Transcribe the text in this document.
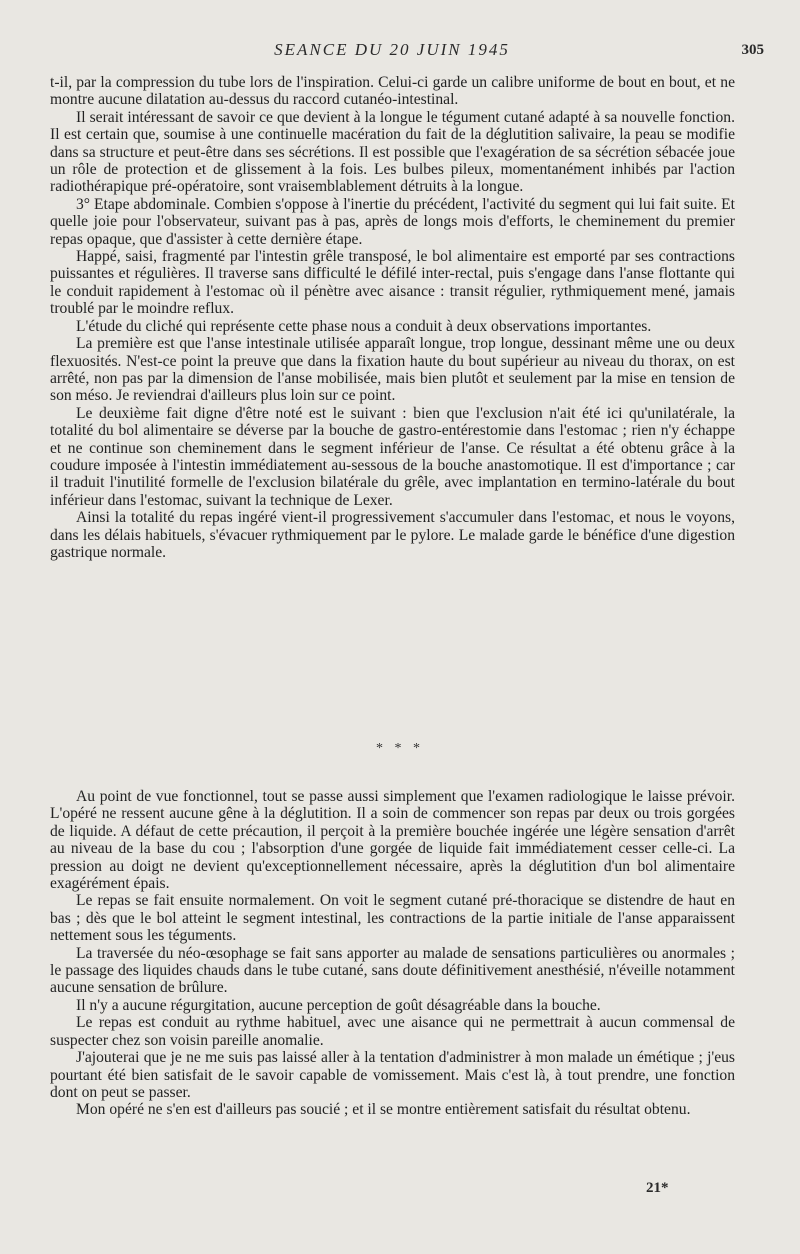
SEANCE DU 20 JUIN 1945	305

t-il, par la compression du tube lors de l'inspiration. Celui-ci garde un calibre uniforme de bout en bout, et ne montre aucune dilatation au-dessus du raccord cutanéo-intestinal.

Il serait intéressant de savoir ce que devient à la longue le tégument cutané adapté à sa nouvelle fonction. Il est certain que, soumise à une continuelle macération du fait de la déglutition salivaire, la peau se modifie dans sa structure et peut-être dans ses sécrétions. Il est possible que l'exagération de sa sécrétion sébacée joue un rôle de protection et de glissement à la fois. Les bulbes pileux, momentanément inhibés par l'action radiothérapique pré-opératoire, sont vraisemblablement détruits à la longue.

3° Etape abdominale. Combien s'oppose à l'inertie du précédent, l'activité du segment qui lui fait suite. Et quelle joie pour l'observateur, suivant pas à pas, après de longs mois d'efforts, le cheminement du premier repas opaque, que d'assister à cette dernière étape.

Happé, saisi, fragmenté par l'intestin grêle transposé, le bol alimentaire est emporté par ses contractions puissantes et régulières. Il traverse sans difficulté le défilé inter-rectal, puis s'engage dans l'anse flottante qui le conduit rapidement à l'estomac où il pénètre avec aisance : transit régulier, rythmiquement mené, jamais troublé par le moindre reflux.

L'étude du cliché qui représente cette phase nous a conduit à deux observations importantes.

La première est que l'anse intestinale utilisée apparaît longue, trop longue, dessinant même une ou deux flexuosités. N'est-ce point la preuve que dans la fixation haute du bout supérieur au niveau du thorax, on est arrêté, non pas par la dimension de l'anse mobilisée, mais bien plutôt et seulement par la mise en tension de son méso. Je reviendrai d'ailleurs plus loin sur ce point.

Le deuxième fait digne d'être noté est le suivant : bien que l'exclusion n'ait été ici qu'unilatérale, la totalité du bol alimentaire se déverse par la bouche de gastro-entérestomie dans l'estomac ; rien n'y échappe et ne continue son cheminement dans le segment inférieur de l'anse. Ce résultat a été obtenu grâce à la coudure imposée à l'intestin immédiatement au-sessous de la bouche anastomotique. Il est d'importance ; car il traduit l'inutilité formelle de l'exclusion bilatérale du grêle, avec implantation en termino-latérale du bout inférieur dans l'estomac, suivant la technique de Lexer.

Ainsi la totalité du repas ingéré vient-il progressivement s'accumuler dans l'estomac, et nous le voyons, dans les délais habituels, s'évacuer rythmiquement par le pylore. Le malade garde le bénéfice d'une digestion gastrique normale.

* * *

Au point de vue fonctionnel, tout se passe aussi simplement que l'examen radiologique le laisse prévoir. L'opéré ne ressent aucune gêne à la déglutition. Il a soin de commencer son repas par deux ou trois gorgées de liquide. A défaut de cette précaution, il perçoit à la première bouchée ingérée une légère sensation d'arrêt au niveau de la base du cou ; l'absorption d'une gorgée de liquide fait immédiatement cesser celle-ci. La pression au doigt ne devient qu'exceptionnellement nécessaire, après la déglutition d'un bol alimentaire exagérément épais.

Le repas se fait ensuite normalement. On voit le segment cutané pré-thoracique se distendre de haut en bas ; dès que le bol atteint le segment intestinal, les contractions de la partie initiale de l'anse apparaissent nettement sous les téguments.

La traversée du néo-œsophage se fait sans apporter au malade de sensations particulières ou anormales ; le passage des liquides chauds dans le tube cutané, sans doute définitivement anesthésié, n'éveille notamment aucune sensation de brûlure.

Il n'y a aucune régurgitation, aucune perception de goût désagréable dans la bouche.

Le repas est conduit au rythme habituel, avec une aisance qui ne permettrait à aucun commensal de suspecter chez son voisin pareille anomalie.

J'ajouterai que je ne me suis pas laissé aller à la tentation d'administrer à mon malade un émétique ; j'eus pourtant été bien satisfait de le savoir capable de vomissement. Mais c'est là, à tout prendre, une fonction dont on peut se passer.

Mon opéré ne s'en est d'ailleurs pas soucié ; et il se montre entièrement satisfait du résultat obtenu.

21*
